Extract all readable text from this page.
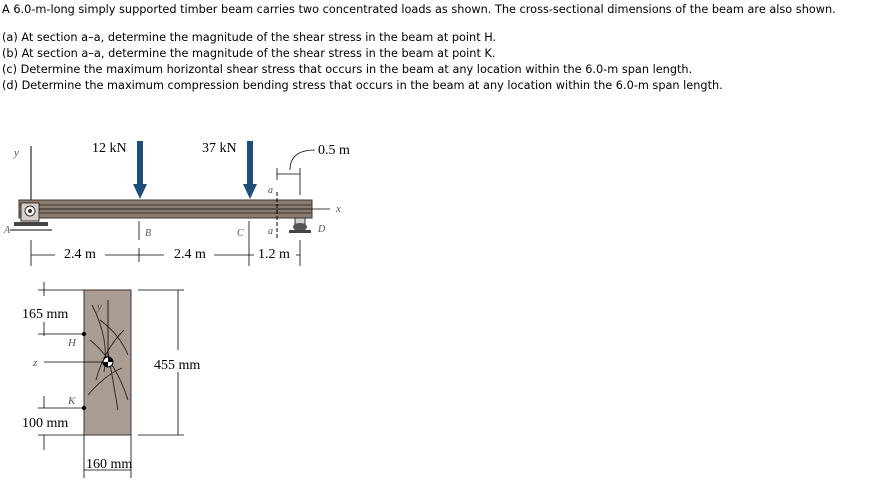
A 6.0-m-long simply supported timber beam carries two concentrated loads as shown. The cross-sectional dimensions of the beam are also shown.

(a) At section a–a, determine the magnitude of the shear stress in the beam at point H.

(b) At section a–a, determine the magnitude of the shear stress in the beam at point K.

(c) Determine the maximum horizontal shear stress that occurs in the beam at any location within the 6.0-m span length.

(d) Determine the maximum compression bending stress that occurs in the beam at any location within the 6.0-m span length.

y
x
A	D
12 kN	37 kN
B	C
a
a
0.5 m
2.4 m	2.4 m	1.2 m
y
z
H
K
165 mm
100 mm
455 mm
160 mm
